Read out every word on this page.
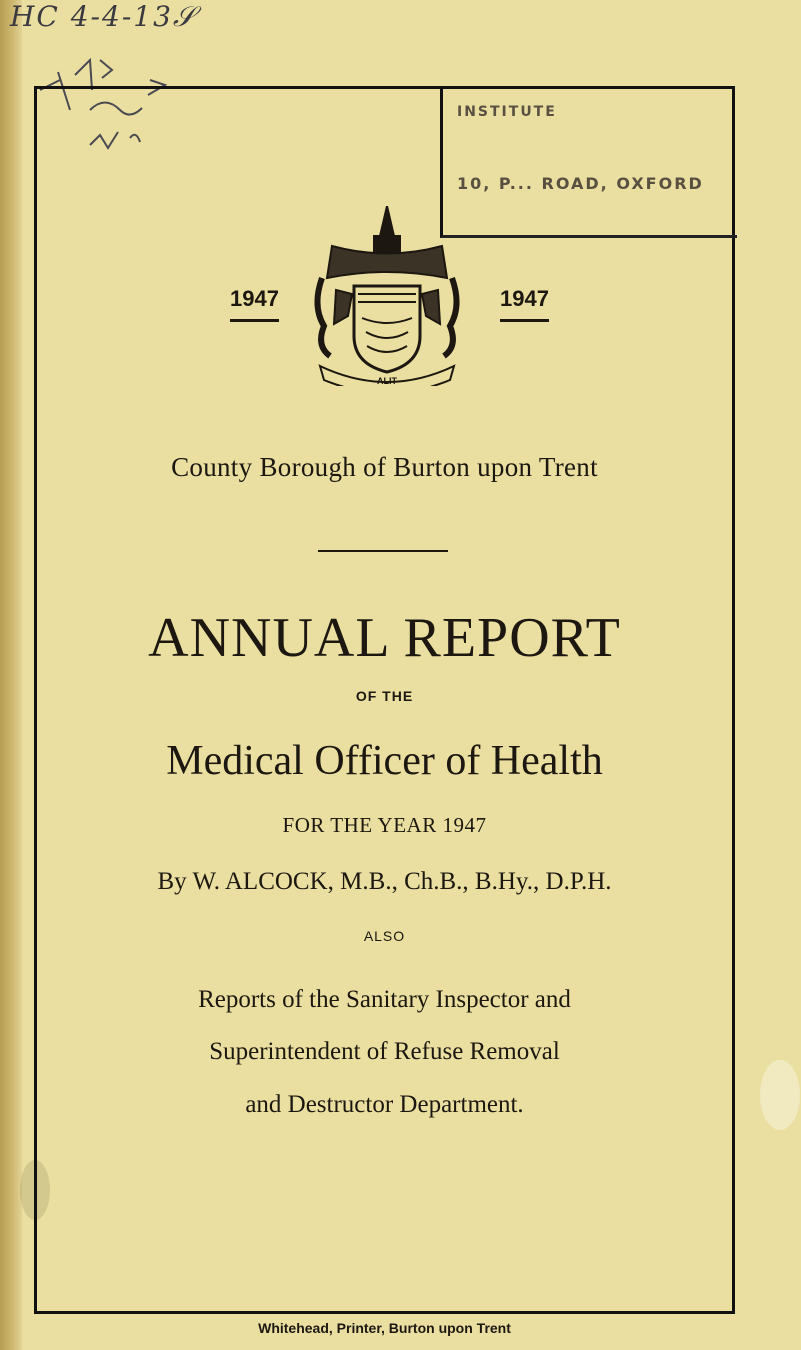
HC 4-4-13𝒮
INSTITUTE
10, P... ROAD, OXFORD
1947	1947
ALIT
County Borough of Burton upon Trent
ANNUAL REPORT
OF THE
Medical Officer of Health
FOR THE YEAR 1947
By W. ALCOCK, M.B., Ch.B., B.Hy., D.P.H.
ALSO
Reports of the Sanitary Inspector and
Superintendent of Refuse Removal
and Destructor Department.
Whitehead, Printer, Burton upon Trent
